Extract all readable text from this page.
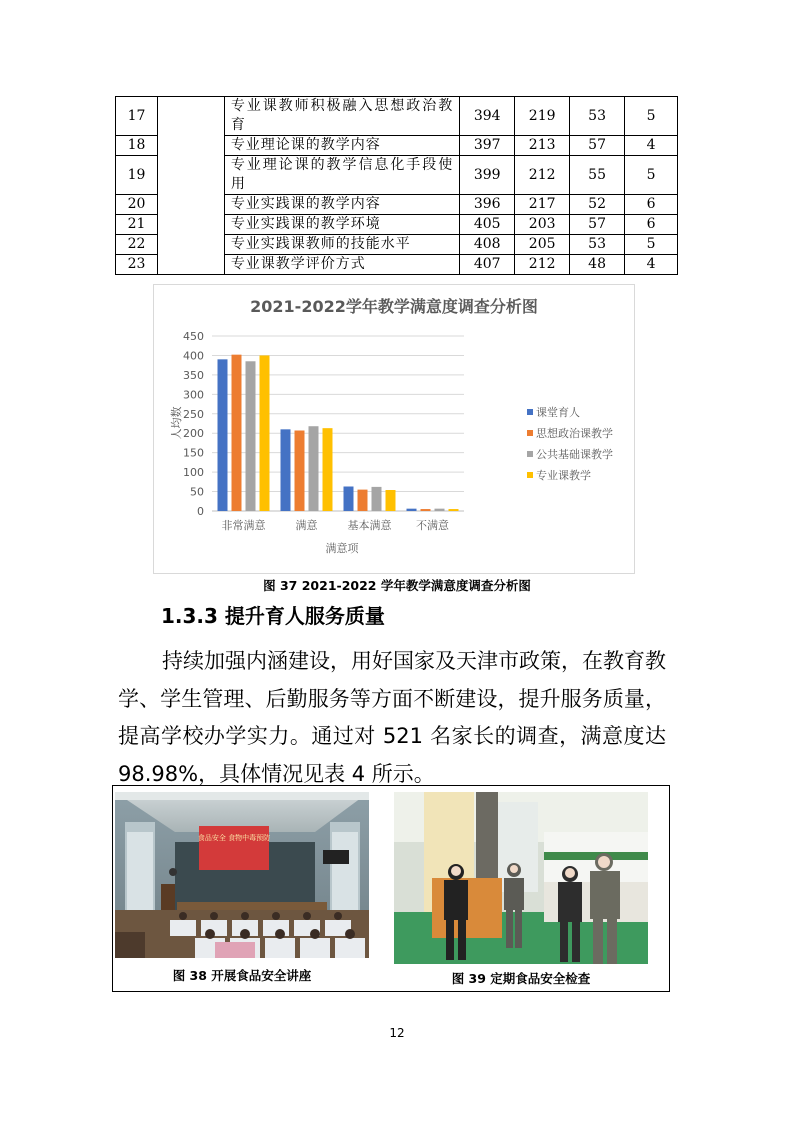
17		专业课教师积极融入思想政治教育	394	219	53	5
18		专业理论课的教学内容	397	213	57	4
19		专业理论课的教学信息化手段使用	399	212	55	5
20		专业实践课的教学内容	396	217	52	6
21		专业实践课的教学环境	405	203	57	6
22		专业实践课教师的技能水平	408	205	53	5
23		专业课教学评价方式	407	212	48	4
2021-2022学年教学满意度调查分析图
0
50
100
150
200
250
300
350
400
450
非常满意	满意	基本满意 不满意
人均数
满意项
课堂育人
思想政治课教学
公共基础课教学
专业课教学
图 37 2021-2022 学年教学满意度调查分析图
1.3.3 提升育人服务质量

持续加强内涵建设，用好国家及天津市政策，在教育教学、学生管理、后勤服务等方面不断建设，提升服务质量，提高学校办学实力。通过对 521 名家长的调查，满意度达 98.98%，具体情况见表 4 所示。

食品安全 食物中毒预防
图 38 开展食品安全讲座	图 39 定期食品安全检查
12
